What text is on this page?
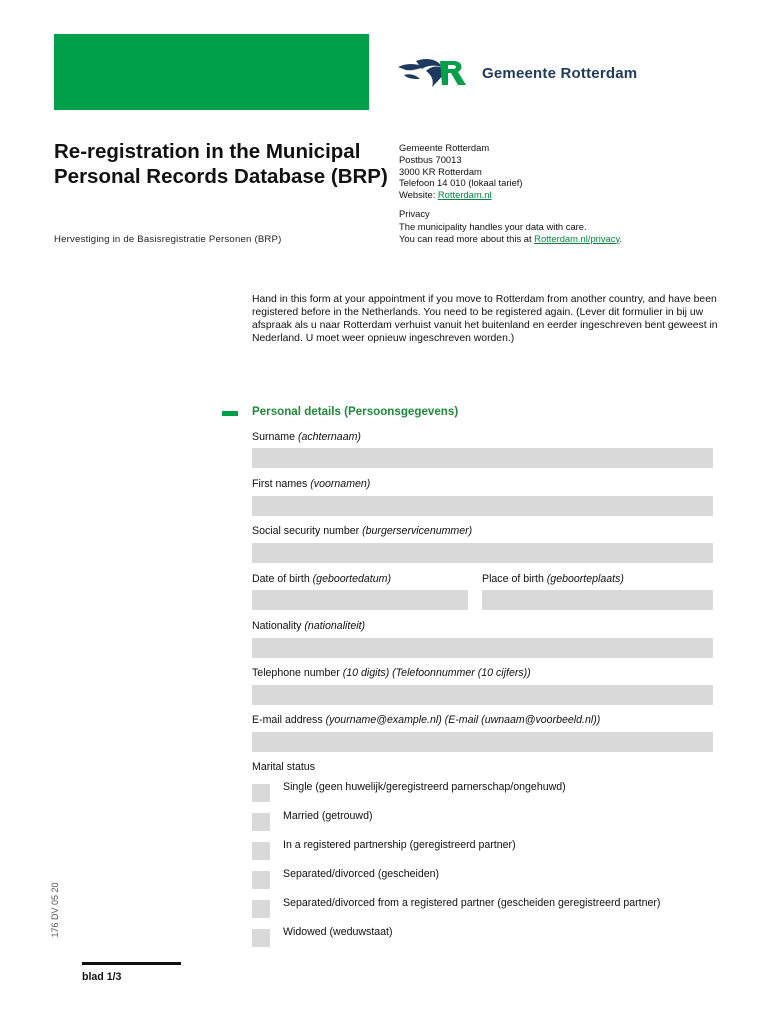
Gemeente Rotterdam
Re-registration in the Municipal Personal Records Database (BRP)
Hervestiging in de Basisregistratie Personen (BRP)
Gemeente Rotterdam
Postbus 70013
3000 KR Rotterdam
Telefoon 14 010 (lokaal tarief)
Website: Rotterdam.nl
Privacy
The municipality handles your data with care.
You can read more about this at Rotterdam.nl/privacy.

Hand in this form at your appointment if you move to Rotterdam from another country, and have been registered before in the Netherlands. You need to be registered again. (Lever dit formulier in bij uw afspraak als u naar Rotterdam verhuist vanuit het buitenland en eerder ingeschreven bent geweest in Nederland. U moet weer opnieuw ingeschreven worden.)

Personal details (Persoonsgegevens)
Surname (achternaam)
First names (voornamen)
Social security number (burgerservicenummer)
Date of birth (geboortedatum)	Place of birth (geboorteplaats)
Nationality (nationaliteit)
Telephone number (10 digits) (Telefoonnummer (10 cijfers))
E-mail address (yourname@example.nl) (E-mail (uwnaam@voorbeeld.nl))
Marital status
Single (geen huwelijk/geregistreerd parnerschap/ongehuwd)
Married (getrouwd)
In a registered partnership (geregistreerd partner)
Separated/divorced (gescheiden)
Separated/divorced from a registered partner (gescheiden geregistreerd partner)
Widowed (weduwstaat)
176 DV 05 20
blad 1/3
